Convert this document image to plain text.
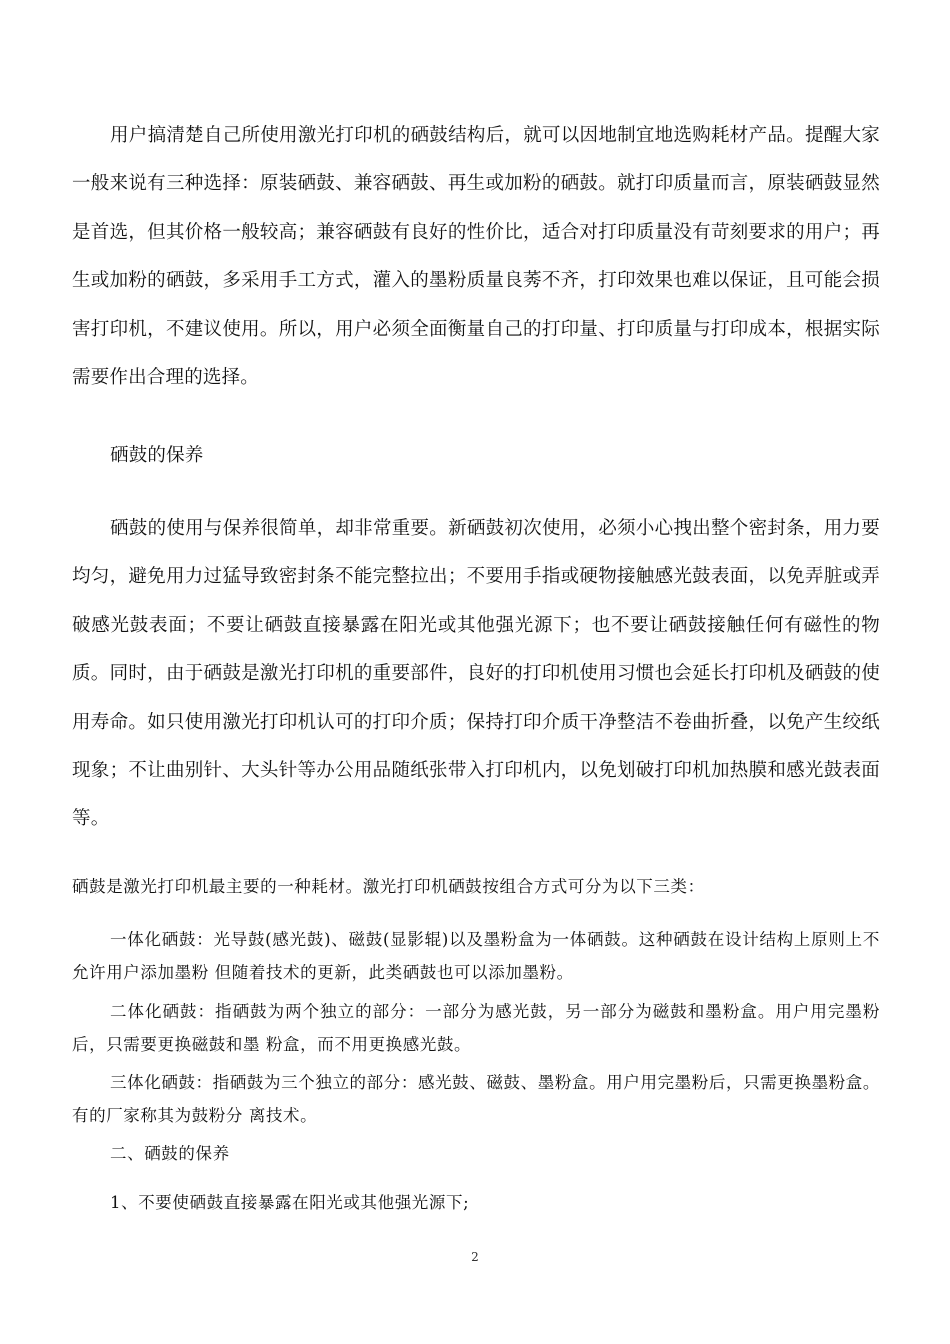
用户搞清楚自己所使用激光打印机的硒鼓结构后，就可以因地制宜地选购耗材产品。提醒大家一般来说有三种选择：原装硒鼓、兼容硒鼓、再生或加粉的硒鼓。就打印质量而言，原装硒鼓显然是首选，但其价格一般较高；兼容硒鼓有良好的性价比，适合对打印质量没有苛刻要求的用户；再生或加粉的硒鼓，多采用手工方式，灌入的墨粉质量良莠不齐，打印效果也难以保证，且可能会损害打印机，不建议使用。所以，用户必须全面衡量自己的打印量、打印质量与打印成本，根据实际需要作出合理的选择。

硒鼓的保养

硒鼓的使用与保养很简单，却非常重要。新硒鼓初次使用，必须小心拽出整个密封条，用力要均匀，避免用力过猛导致密封条不能完整拉出；不要用手指或硬物接触感光鼓表面，以免弄脏或弄破感光鼓表面；不要让硒鼓直接暴露在阳光或其他强光源下；也不要让硒鼓接触任何有磁性的物质。同时，由于硒鼓是激光打印机的重要部件，良好的打印机使用习惯也会延长打印机及硒鼓的使用寿命。如只使用激光打印机认可的打印介质；保持打印介质干净整洁不卷曲折叠，以免产生绞纸现象；不让曲别针、大头针等办公用品随纸张带入打印机内，以免划破打印机加热膜和感光鼓表面等。

硒鼓是激光打印机最主要的一种耗材。激光打印机硒鼓按组合方式可分为以下三类：

一体化硒鼓：光导鼓(感光鼓)、磁鼓(显影辊)以及墨粉盒为一体硒鼓。这种硒鼓在设计结构上原则上不允许用户添加墨粉 但随着技术的更新，此类硒鼓也可以添加墨粉。

二体化硒鼓：指硒鼓为两个独立的部分：一部分为感光鼓，另一部分为磁鼓和墨粉盒。用户用完墨粉后，只需要更换磁鼓和墨 粉盒，而不用更换感光鼓。

三体化硒鼓：指硒鼓为三个独立的部分：感光鼓、磁鼓、墨粉盒。用户用完墨粉后，只需更换墨粉盒。有的厂家称其为鼓粉分 离技术。

二、硒鼓的保养

1、不要使硒鼓直接暴露在阳光或其他强光源下;

2
